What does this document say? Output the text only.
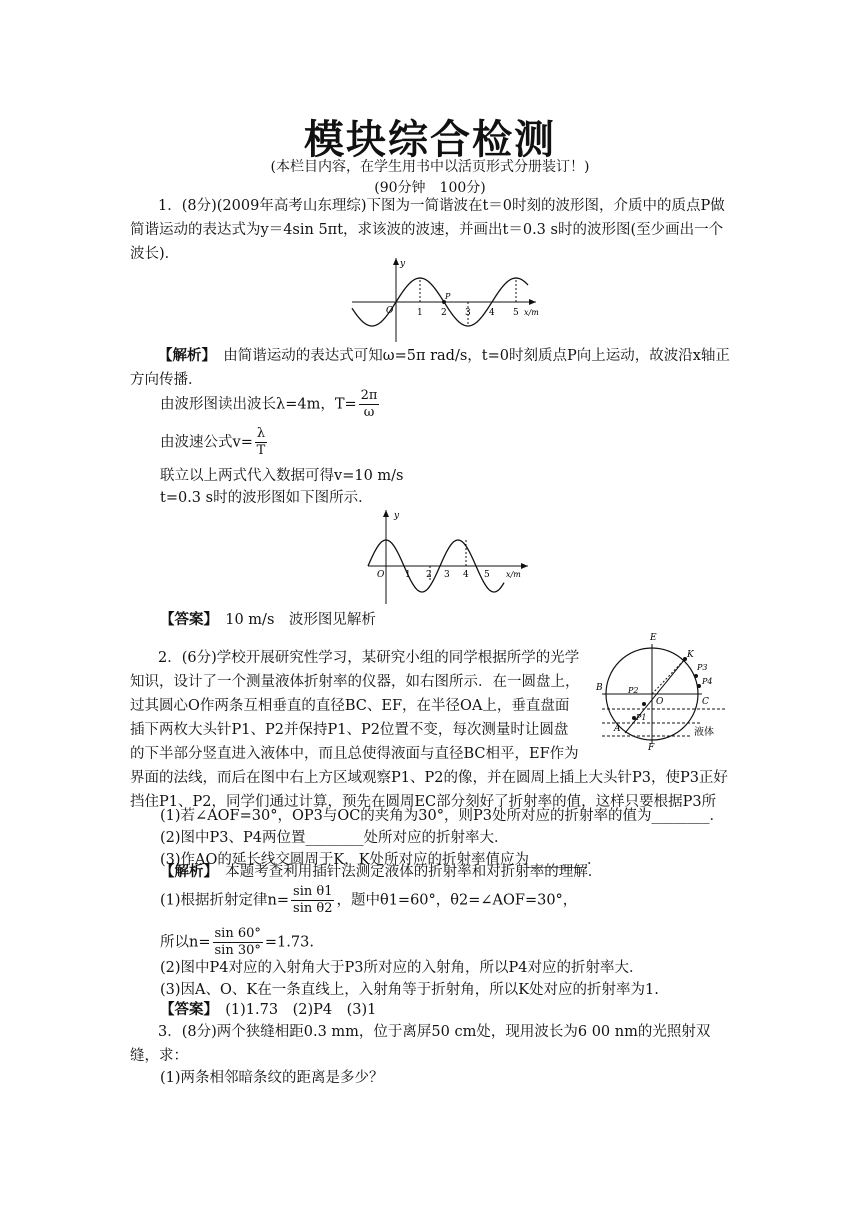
模块综合检测
(本栏目内容，在学生用书中以活页形式分册装订！)
(90分钟　100分)
1．(8分)(2009年高考山东理综)下图为一简谐波在t＝0时刻的波形图，介质中的质点P做简谐运动的表达式为y＝4sin 5πt，求该波的波速，并画出t＝0.3 s时的波形图(至少画出一个波长)．
y
O	1 2
P
3 4 5 x/m
【解析】　 由简谐运动的表达式可知ω=5π rad/s，t=0时刻质点P向上运动，故波沿x轴正方向传播．
由波形图读出波长λ=4m，$T= \frac{2\pi}{\omega}$
由波速公式$v= \frac{\lambda}{T}$
联立以上两式代入数据可得v=10 m/s
t=0.3 s时的波形图如下图所示．
y
O 1 2 3 4 5 x/m
【答案】　 10 m/s　波形图见解析
2．(6分)学校开展研究性学习，某研究小组的同学根据所学的光学知识，设计了一个测量液体折射率的仪器，如右图所示．在一圆盘上，过其圆心O作两条互相垂直的直径BC、EF，在半径OA上，垂直盘面插下两枚大头针P1、P2并保持P1、P2位置不变，每次测量时让圆盘的下半部分竖直进入液体中，而且总使得液面与直径BC相平，EF作为界面的法线，而后在图中右上方区域观察P1、P2的像，并在圆周上插上大头针P3，使P3正好挡住P1、P2，同学们通过计算，预先在圆周EC部分刻好了折射率的值，这样只要根据P3所
E
K
P3
P4
B	P2
O	C
P1
A
F
液体
(1)若∠AOF=30°，OP3与OC的夹角为30°，则P3处所对应的折射率的值为________．
(2)图中P3、P4两位置________处所对应的折射率大．
(3)作AO的延长线交圆周于K，K处所对应的折射率值应为________．
【解析】　 本题考查利用插针法测定液体的折射率和对折射率的理解．
(1)根据折射定律$n= \frac{\text{sin θ1}}{\text{sin θ2}}$ ，题中θ1=60°，θ2=∠AOF=30°，
所以$n= \frac{\sin 60^\circ}{\sin 30^\circ} =1.73$.
(2)图中P4对应的入射角大于P3所对应的入射角，所以P4对应的折射率大．
(3)因A、O、K在一条直线上，入射角等于折射角，所以K处对应的折射率为1.
【答案】　 (1)1.73　(2)P4　(3)1
3．(8分)两个狭缝相距0.3 mm，位于离屏50 cm处，现用波长为6 00 nm的光照射双缝，求：
(1)两条相邻暗条纹的距离是多少？
